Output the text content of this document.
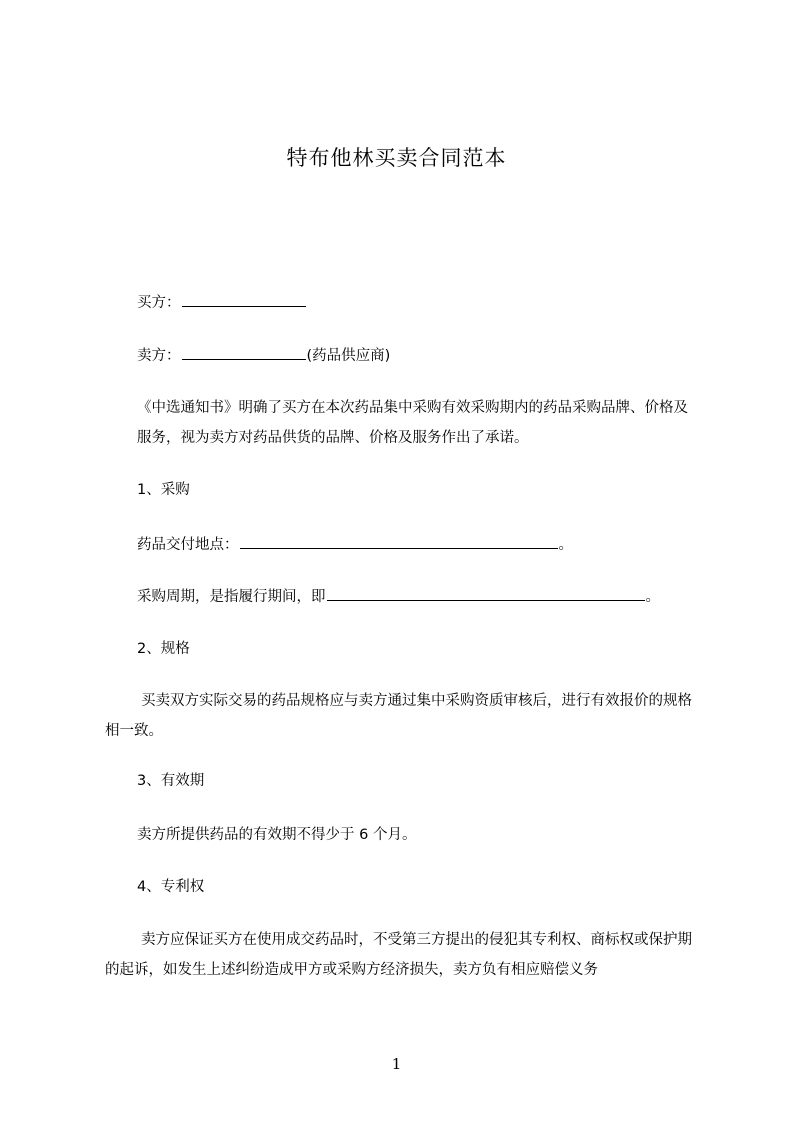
特布他林买卖合同范本
买方：
卖方：	(药品供应商)
《中选通知书》明确了买方在本次药品集中采购有效采购期内的药品采购品牌、价格及服务，视为卖方对药品供货的品牌、价格及服务作出了承诺。
1、采购
药品交付地点：	。
采购周期，是指履行期间，即	。
2、规格
买卖双方实际交易的药品规格应与卖方通过集中采购资质审核后，进行有效报价的规格相一致。
3、有效期
卖方所提供药品的有效期不得少于 6 个月。
4、专利权
卖方应保证买方在使用成交药品时，不受第三方提出的侵犯其专利权、商标权或保护期的起诉，如发生上述纠纷造成甲方或采购方经济损失，卖方负有相应赔偿义务
1
